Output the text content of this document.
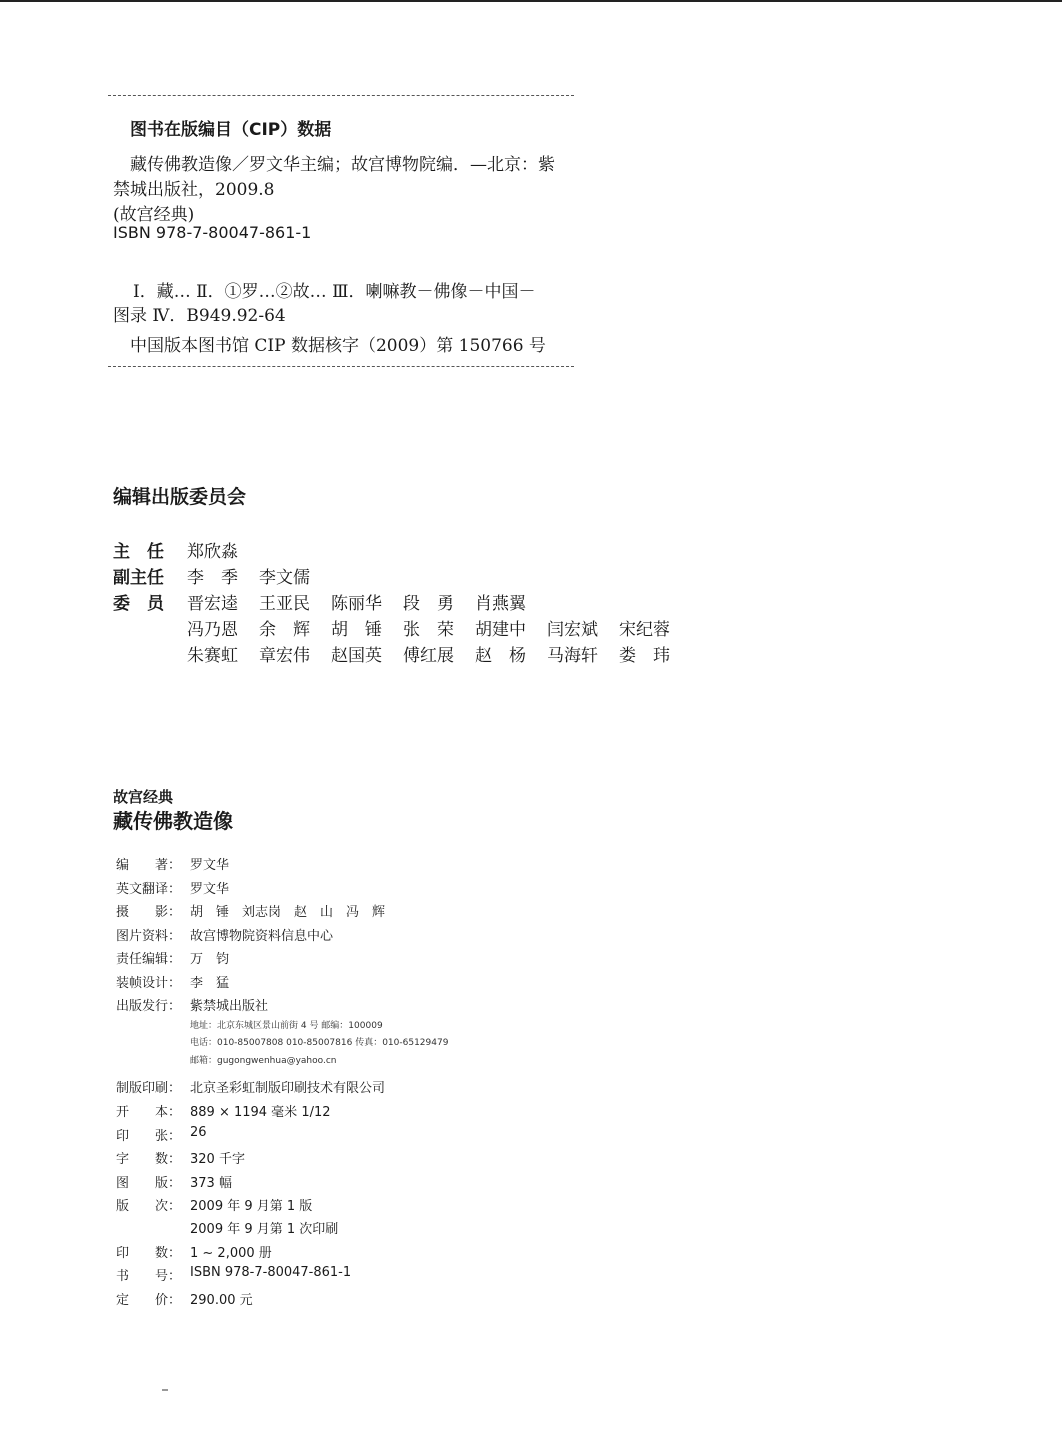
图书在版编目（CIP）数据
藏传佛教造像／罗文华主编；故宫博物院编．—北京：紫
禁城出版社，2009.8
(故宫经典)
ISBN 978-7-80047-861-1
Ⅰ．藏… Ⅱ．①罗…②故… Ⅲ．喇嘛教－佛像－中国－
图录 Ⅳ．B949.92-64
中国版本图书馆 CIP 数据核字（2009）第 150766 号
编辑出版委员会
主　任 郑欣淼
副主任 李　季 李文儒
委　员 晋宏逵 王亚民 陈丽华 段　勇 肖燕翼
冯乃恩 余　辉 胡　锤 张　荣 胡建中 闫宏斌 宋纪蓉
朱赛虹 章宏伟 赵国英 傅红展 赵　杨 马海轩 娄　玮
故宫经典
藏传佛教造像
编　　著： 罗文华
英文翻译： 罗文华
摄　　影： 胡　锤　刘志岗　赵　山　冯　辉
图片资料： 故宫博物院资料信息中心
责任编辑： 万　钧
装帧设计： 李　猛
出版发行： 紫禁城出版社
地址：北京东城区景山前街 4 号 邮编：100009
电话：010-85007808 010-85007816 传真：010-65129479
邮箱：gugongwenhua@yahoo.cn
制版印刷： 北京圣彩虹制版印刷技术有限公司
开　　本： 889 × 1194 毫米 1/12
印　　张： 26
字　　数： 320 千字
图　　版： 373 幅
版　　次： 2009 年 9 月第 1 版
2009 年 9 月第 1 次印刷
印　　数： 1 ~ 2,000 册
书　　号： ISBN 978-7-80047-861-1
定　　价： 290.00 元
